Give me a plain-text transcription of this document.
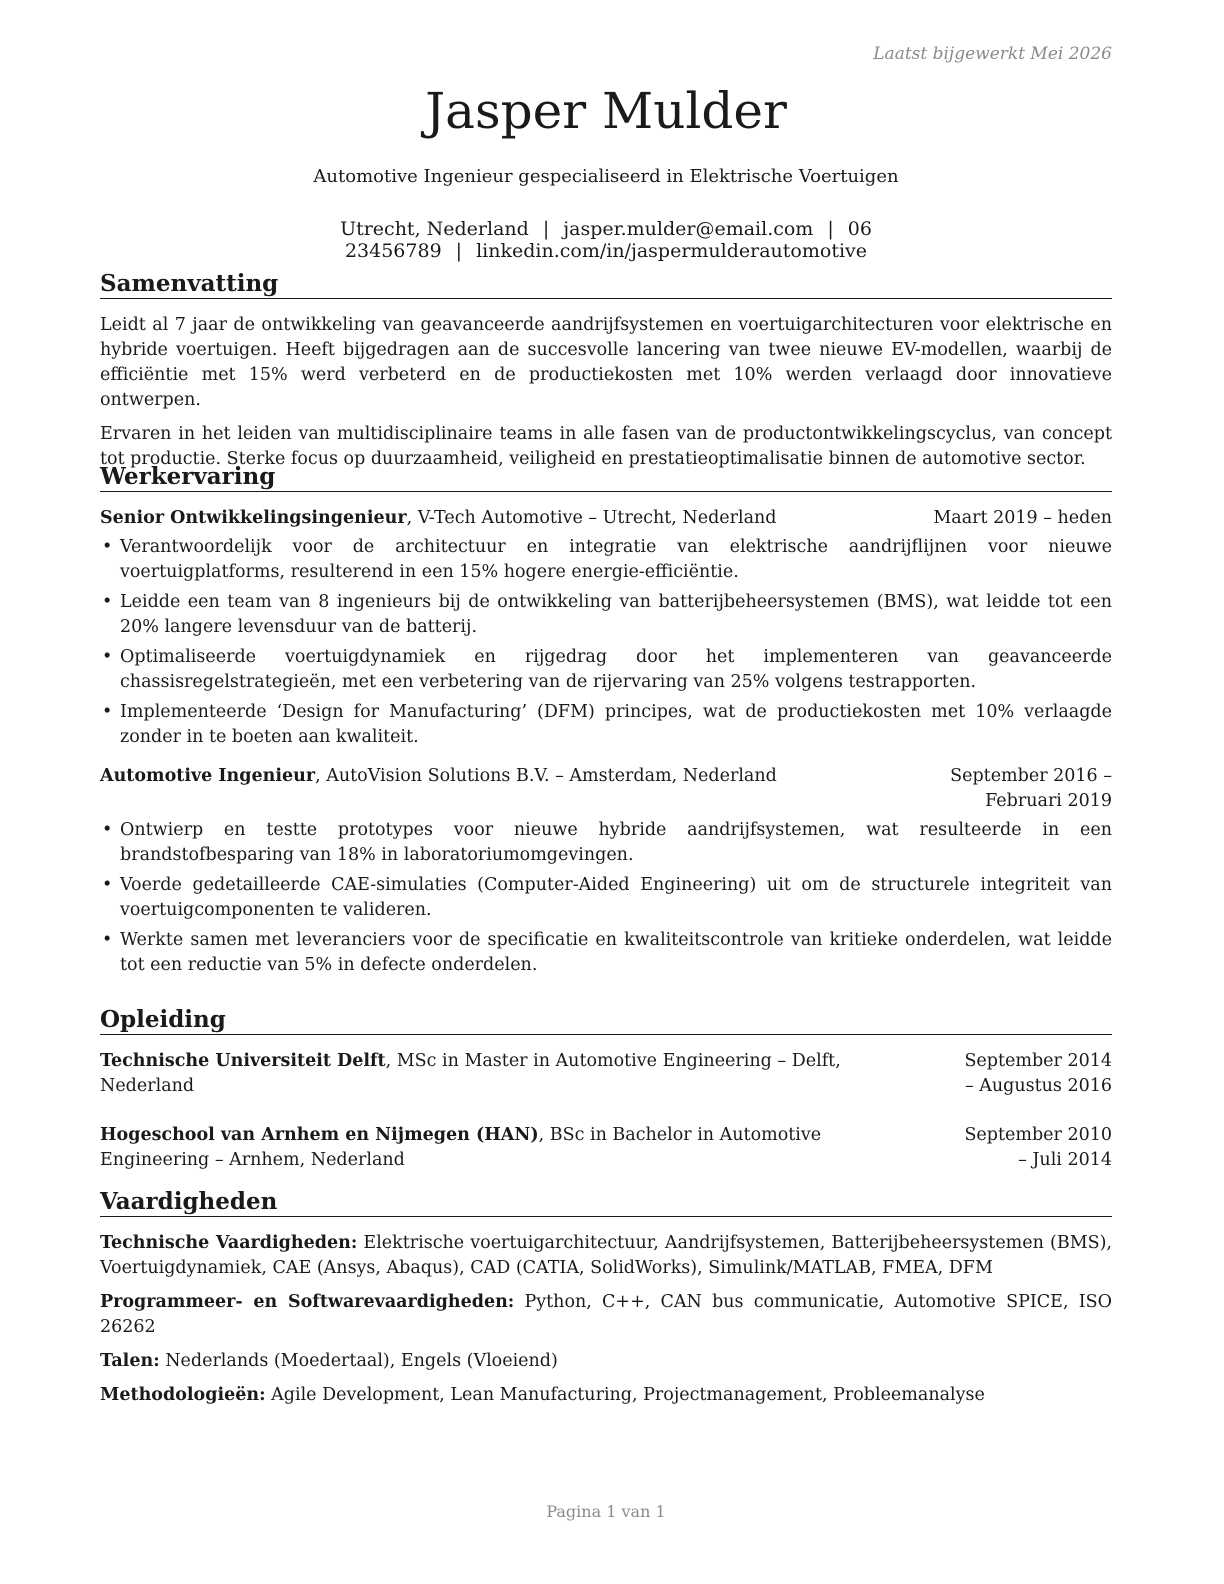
Laatst bijgewerkt Mei 2026
Jasper Mulder
Automotive Ingenieur gespecialiseerd in Elektrische Voertuigen
Utrecht, Nederland | jasper.mulder@email.com | 06 23456789 | linkedin.com/in/jaspermulderautomotive
Samenvatting

Leidt al 7 jaar de ontwikkeling van geavanceerde aandrijfsystemen en voertuigarchitecturen voor elektrische en hybride voertuigen. Heeft bijgedragen aan de succesvolle lancering van twee nieuwe EV-modellen, waarbij de efficiëntie met 15% werd verbeterd en de productiekosten met 10% werden verlaagd door innovatieve ontwerpen.

Ervaren in het leiden van multidisciplinaire teams in alle fasen van de productontwikkelingscyclus, van concept tot productie. Sterke focus op duurzaamheid, veiligheid en prestatieoptimalisatie binnen de automotive sector.

Werkervaring
Senior Ontwikkelingsingenieur, V-Tech Automotive – Utrecht, Nederland	Maart 2019 – heden
• Verantwoordelijk voor de architectuur en integratie van elektrische aandrijflijnen voor nieuwe voertuigplatforms, resulterend in een 15% hogere energie-efficiëntie.
• Leidde een team van 8 ingenieurs bij de ontwikkeling van batterijbeheersystemen (BMS), wat leidde tot een 20% langere levensduur van de batterij.
• Optimaliseerde voertuigdynamiek en rijgedrag door het implementeren van geavanceerde chassisregelstrategieën, met een verbetering van de rijervaring van 25% volgens testrapporten.
• Implementeerde ‘Design for Manufacturing’ (DFM) principes, wat de productiekosten met 10% verlaagde zonder in te boeten aan kwaliteit.
Automotive Ingenieur, AutoVision Solutions B.V. – Amsterdam, Nederland	September 2016 – Februari 2019
• Ontwierp en testte prototypes voor nieuwe hybride aandrijfsystemen, wat resulteerde in een brandstofbesparing van 18% in laboratoriumomgevingen.
• Voerde gedetailleerde CAE-simulaties (Computer-Aided Engineering) uit om de structurele integriteit van voertuigcomponenten te valideren.
• Werkte samen met leveranciers voor de specificatie en kwaliteitscontrole van kritieke onderdelen, wat leidde tot een reductie van 5% in defecte onderdelen.
Opleiding
Technische Universiteit Delft, MSc in Master in Automotive Engineering – Delft, Nederland
September 2014 – Augustus 2016
Hogeschool van Arnhem en Nijmegen (HAN), BSc in Bachelor in Automotive Engineering – Arnhem, Nederland
September 2010 – Juli 2014
Vaardigheden
Technische Vaardigheden: Elektrische voertuigarchitectuur, Aandrijfsystemen, Batterijbeheersystemen (BMS), Voertuigdynamiek, CAE (Ansys, Abaqus), CAD (CATIA, SolidWorks), Simulink/MATLAB, FMEA, DFM
Programmeer- en Softwarevaardigheden: Python, C++, CAN bus communicatie, Automotive SPICE, ISO 26262
Talen: Nederlands (Moedertaal), Engels (Vloeiend)
Methodologieën: Agile Development, Lean Manufacturing, Projectmanagement, Probleemanalyse
Pagina 1 van 1
